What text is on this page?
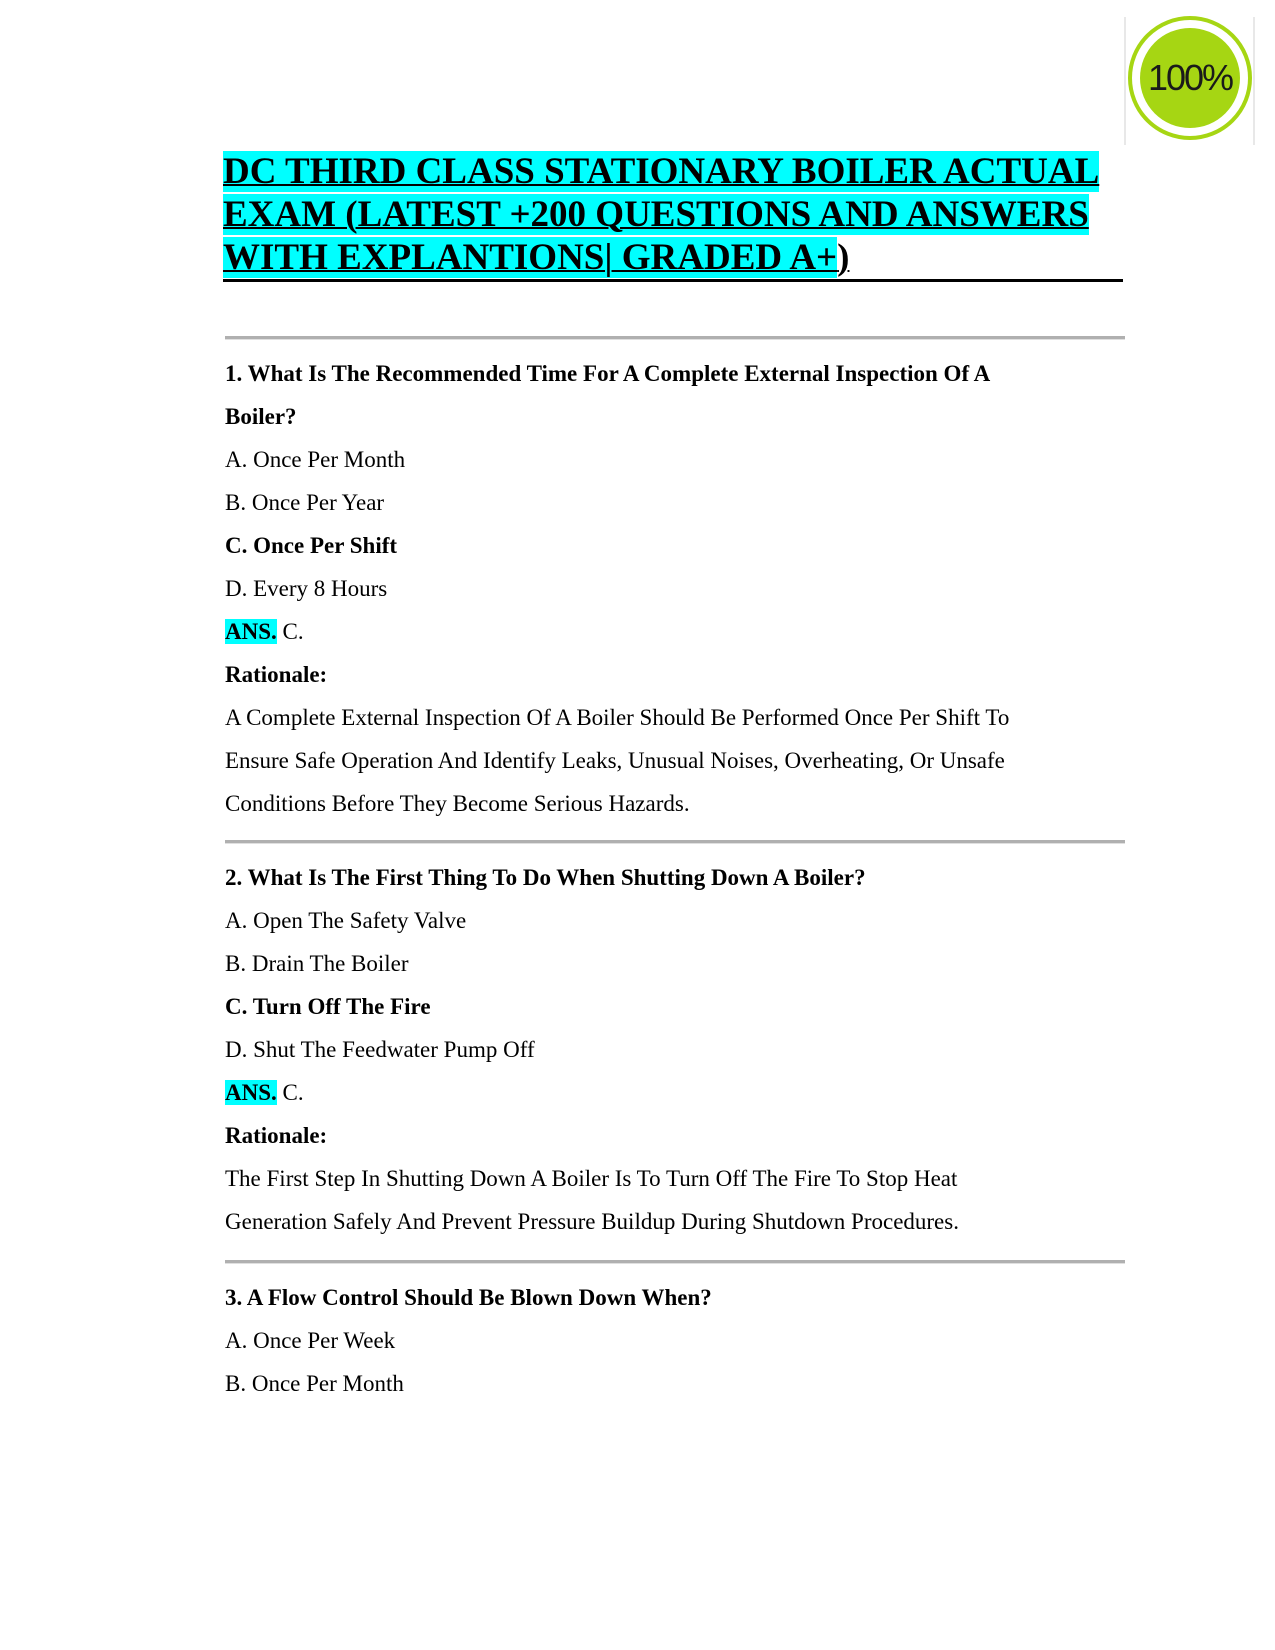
100%

DC THIRD CLASS STATIONARY BOILER ACTUAL

EXAM (LATEST +200 QUESTIONS AND ANSWERS

WITH EXPLANTIONS| GRADED A+)

1. What Is The Recommended Time For A Complete External Inspection Of A

Boiler?

A. Once Per Month

B. Once Per Year

C. Once Per Shift

D. Every 8 Hours

ANS. C.

Rationale:

A Complete External Inspection Of A Boiler Should Be Performed Once Per Shift To

Ensure Safe Operation And Identify Leaks, Unusual Noises, Overheating, Or Unsafe

Conditions Before They Become Serious Hazards.

2. What Is The First Thing To Do When Shutting Down A Boiler?

A. Open The Safety Valve

B. Drain The Boiler

C. Turn Off The Fire

D. Shut The Feedwater Pump Off

ANS. C.

Rationale:

The First Step In Shutting Down A Boiler Is To Turn Off The Fire To Stop Heat

Generation Safely And Prevent Pressure Buildup During Shutdown Procedures.

3. A Flow Control Should Be Blown Down When?

A. Once Per Week

B. Once Per Month
